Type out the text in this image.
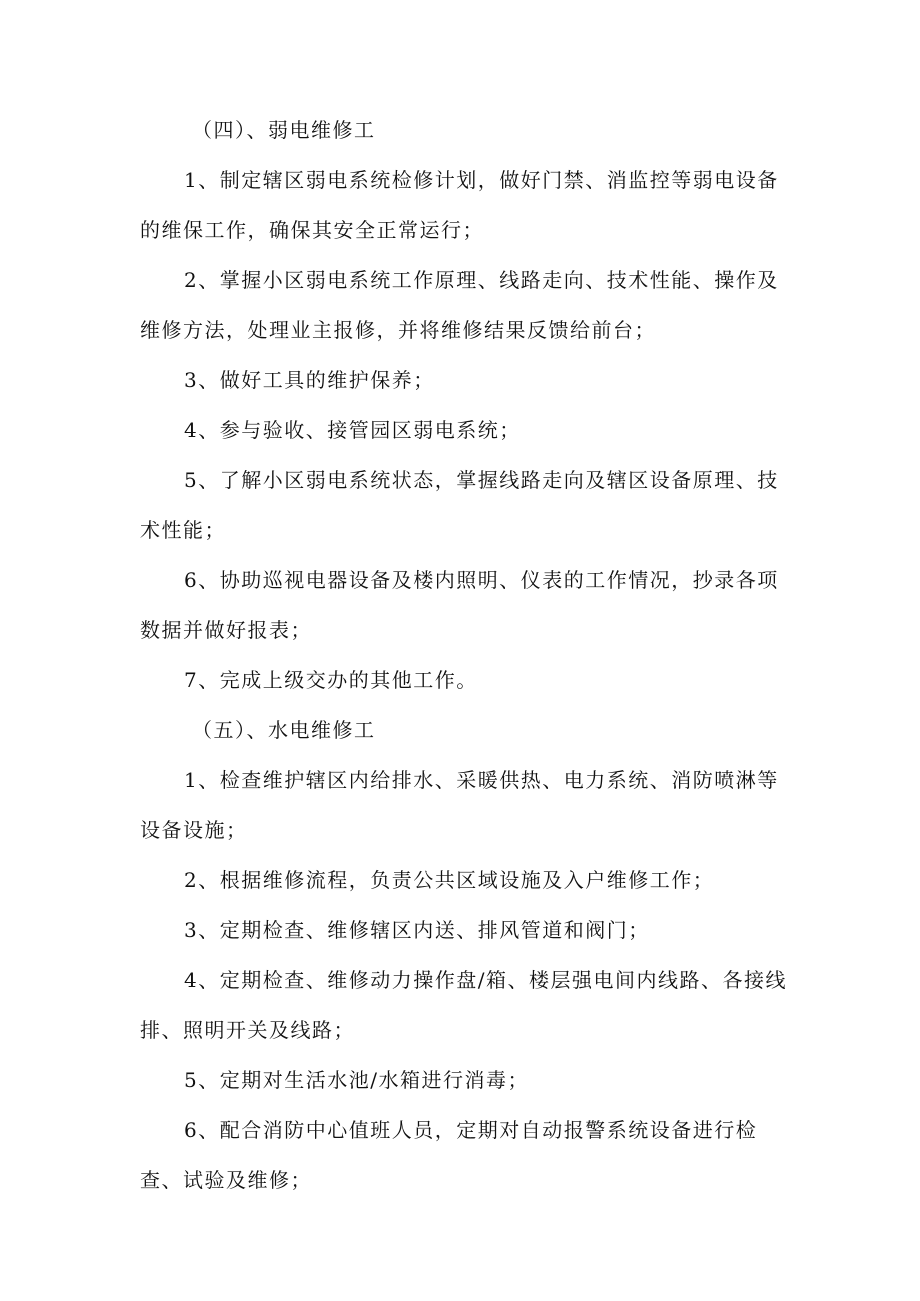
（四）、弱电维修工

1、制定辖区弱电系统检修计划，做好门禁、消监控等弱电设备的维保工作，确保其安全正常运行；

2、掌握小区弱电系统工作原理、线路走向、技术性能、操作及维修方法，处理业主报修，并将维修结果反馈给前台；

3、做好工具的维护保养；

4、参与验收、接管园区弱电系统；

5、了解小区弱电系统状态，掌握线路走向及辖区设备原理、技术性能；

6、协助巡视电器设备及楼内照明、仪表的工作情况，抄录各项数据并做好报表；

7、完成上级交办的其他工作。

（五）、水电维修工

1、检查维护辖区内给排水、采暖供热、电力系统、消防喷淋等设备设施；

2、根据维修流程，负责公共区域设施及入户维修工作；

3、定期检查、维修辖区内送、排风管道和阀门；

4、定期检查、维修动力操作盘/箱、楼层强电间内线路、各接线排、照明开关及线路；

5、定期对生活水池/水箱进行消毒；

6、配合消防中心值班人员，定期对自动报警系统设备进行检查、试验及维修；
